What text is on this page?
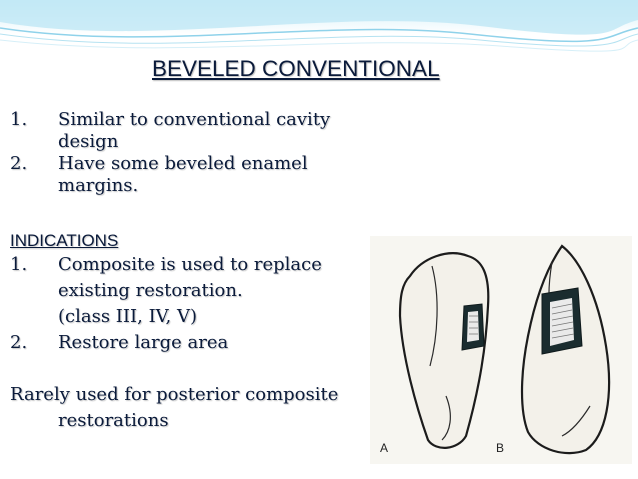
BEVELED CONVENTIONAL
1. Similar to conventional cavity
design
2. Have some beveled enamel
margins.
INDICATIONS
1. Composite is used to replace
existing restoration.
(class III, IV, V)
2. Restore large area
Rarely used for posterior composite
restorations
A	B
